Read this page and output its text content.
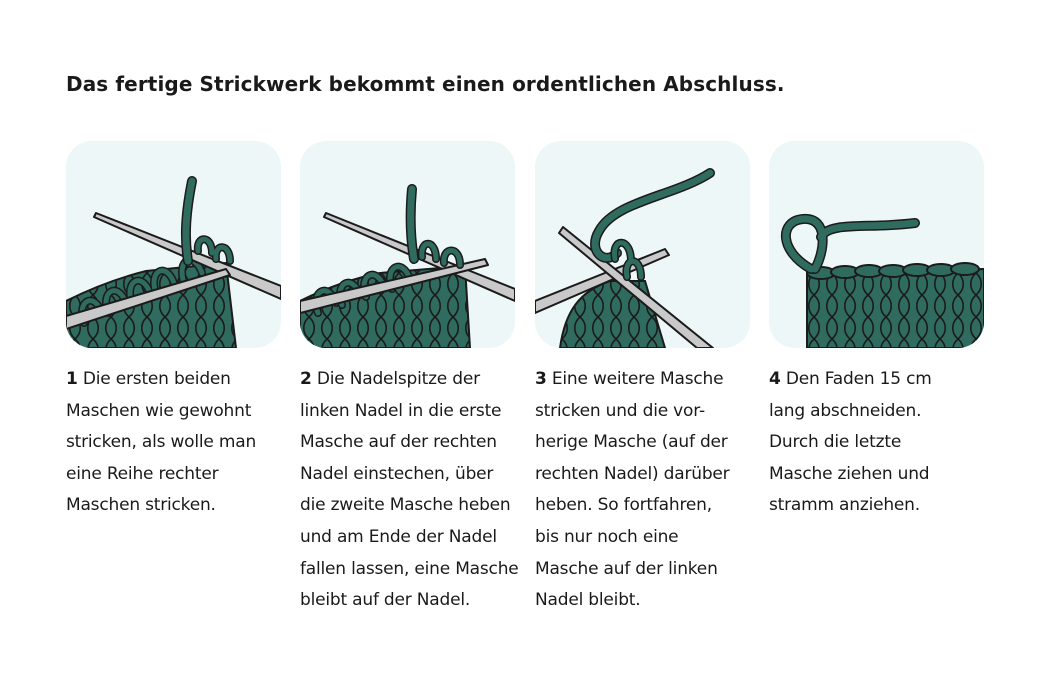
Das fertige Strickwerk bekommt einen ordentlichen Abschluss.
1 Die ersten beiden
Maschen wie gewohnt
stricken, als wolle man
eine Reihe rechter
Maschen stricken.
2 Die Nadelspitze der
linken Nadel in die erste
Masche auf der rechten
Nadel einstechen, über
die zweite Masche heben
und am Ende der Nadel
fallen lassen, eine Masche
bleibt auf der Nadel.
3 Eine weitere Masche
stricken und die vor-
herige Masche (auf der
rechten Nadel) darüber
heben. So fortfahren,
bis nur noch eine
Masche auf der linken
Nadel bleibt.
4 Den Faden 15 cm
lang abschneiden.
Durch die letzte
Masche ziehen und
stramm anziehen.
